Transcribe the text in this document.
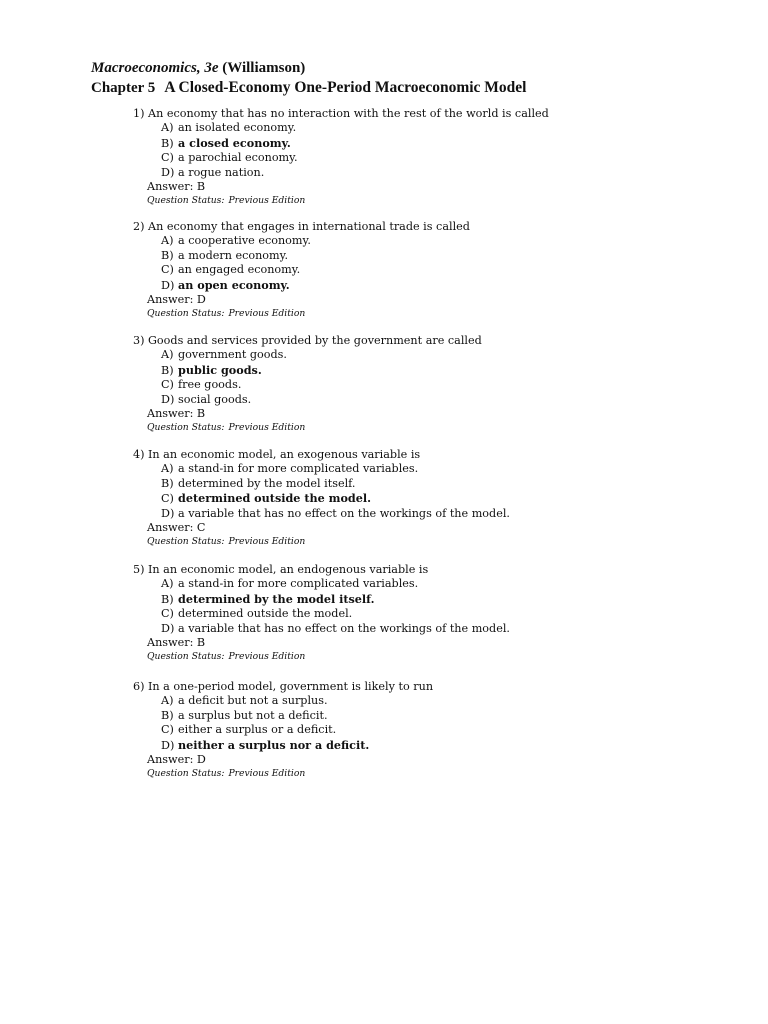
Macroeconomics, 3e (Williamson)
Chapter 5 A Closed-Economy One-Period Macroeconomic Model
1) An economy that has no interaction with the rest of the world is called
A) an isolated economy.
B) a closed economy.
C) a parochial economy.
D) a rogue nation.
Answer: B
Question Status: Previous Edition
2) An economy that engages in international trade is called
A) a cooperative economy.
B) a modern economy.
C) an engaged economy.
D) an open economy.
Answer: D
Question Status: Previous Edition
3) Goods and services provided by the government are called
A) government goods.
B) public goods.
C) free goods.
D) social goods.
Answer: B
Question Status: Previous Edition
4) In an economic model, an exogenous variable is
A) a stand-in for more complicated variables.
B) determined by the model itself.
C) determined outside the model.
D) a variable that has no effect on the workings of the model.
Answer: C
Question Status: Previous Edition
5) In an economic model, an endogenous variable is
A) a stand-in for more complicated variables.
B) determined by the model itself.
C) determined outside the model.
D) a variable that has no effect on the workings of the model.
Answer: B
Question Status: Previous Edition
6) In a one-period model, government is likely to run
A) a deficit but not a surplus.
B) a surplus but not a deficit.
C) either a surplus or a deficit.
D) neither a surplus nor a deficit.
Answer: D
Question Status: Previous Edition
